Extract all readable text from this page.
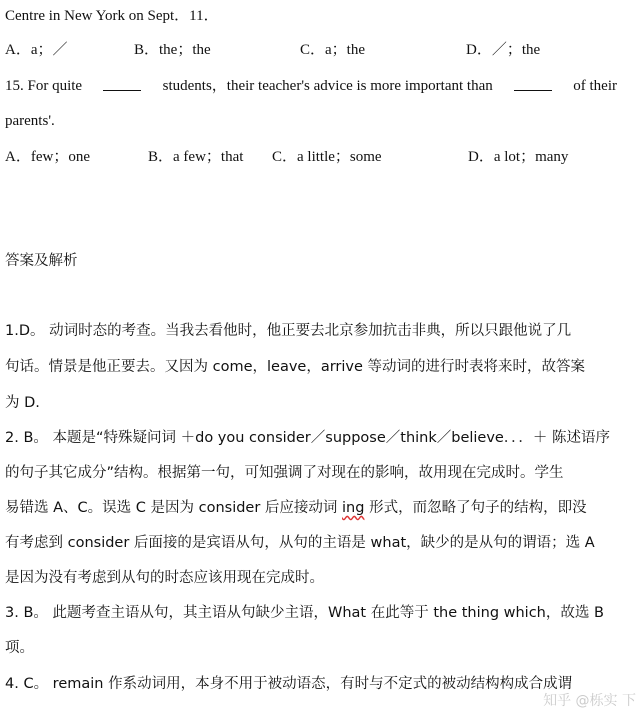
Centre in New York on Sept．11．
A．a；／	B．the；the	C．a；the	D．／；the
15. For quite	students，their teacher's advice is more important than	of their
parents'.
A．few；one	B．a few；that C．a little；some	D．a lot；many
答案及解析
1.D。 动词时态的考查。当我去看他时，他正要去北京参加抗击非典，所以只跟他说了几
句话。情景是他正要去。又因为 come，leave，arrive 等动词的进行时表将来时，故答案
为 D.
2. B。 本题是“特殊疑问词 ＋do you consider／suppose／think／believe．．．＋ 陈述语序
的句子其它成分”结构。根据第一句，可知强调了对现在的影响，故用现在完成时。学生
易错选 A、C。误选 C 是因为 consider 后应接动词 ing 形式，而忽略了句子的结构，即没
有考虑到 consider 后面接的是宾语从句，从句的主语是 what，缺少的是从句的谓语；选 A
是因为没有考虑到从句的时态应该用现在完成时。
3. B。 此题考查主语从句，其主语从句缺少主语，What 在此等于 the thing which，故选 B
项。
4. C。 remain 作系动词用，本身不用于被动语态，有时与不定式的被动结构构成合成谓
知乎 @栎实 下
